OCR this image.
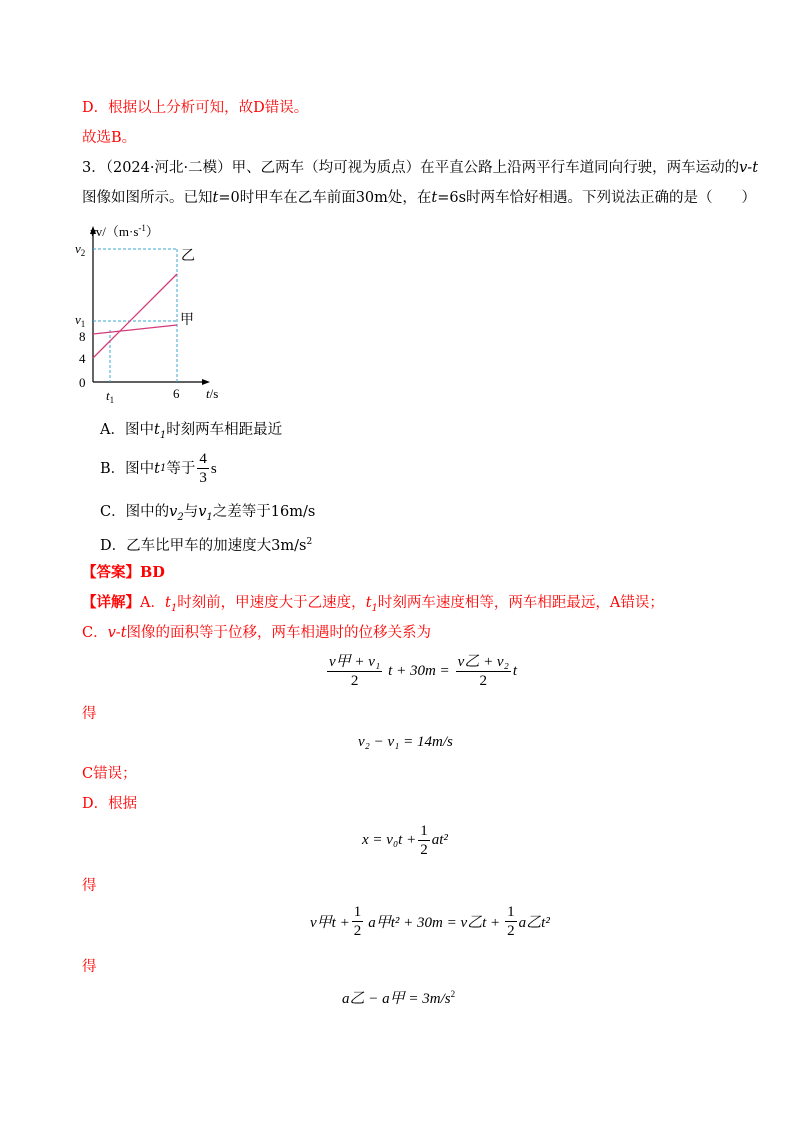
D．根据以上分析可知，故D错误。
故选B。
3．（2024·河北·二模）甲、乙两车（均可视为质点）在平直公路上沿两平行车道同向行驶，两车运动的v-t
图像如图所示。已知t=0时甲车在乙车前面30m处，在t=6s时两车恰好相遇。下列说法正确的是（　　）
$vv/(m\cdot s^{-1})$
$v_2$
$v_1$
8
4
0
$t_1$	6 t/s
乙
甲
A．图中$t_1$时刻两车相距最近
B．图中 t 1 等于 $\frac{4}{3}$ s
C．图中的$v_2$与$v_1$之差等于16m/s
D．乙车比甲车的加速度大$3m/s^2$
【答案】BD
【详解】A．$t_1$时刻前，甲速度大于乙速度，$t_1$时刻两车速度相等，两车相距最远，A错误；
C．v-t图像的面积等于位移，两车相遇时的位移关系为
$\frac{\text{v甲 + v₁}}{2}$ $t + 30m = \frac{\text{v乙 + v₂}}{2}$ t
得
v₂ − v₁ = 14m/s
C错误；
D．根据
$x = v_0t + \frac{1}{2} at^2$
得
v甲$t + \frac{1}{2}$ a甲t² + 30m = v乙$t + \frac{1}{2}$ a乙t²
得
a乙 − a甲 = $3m/s^2$
